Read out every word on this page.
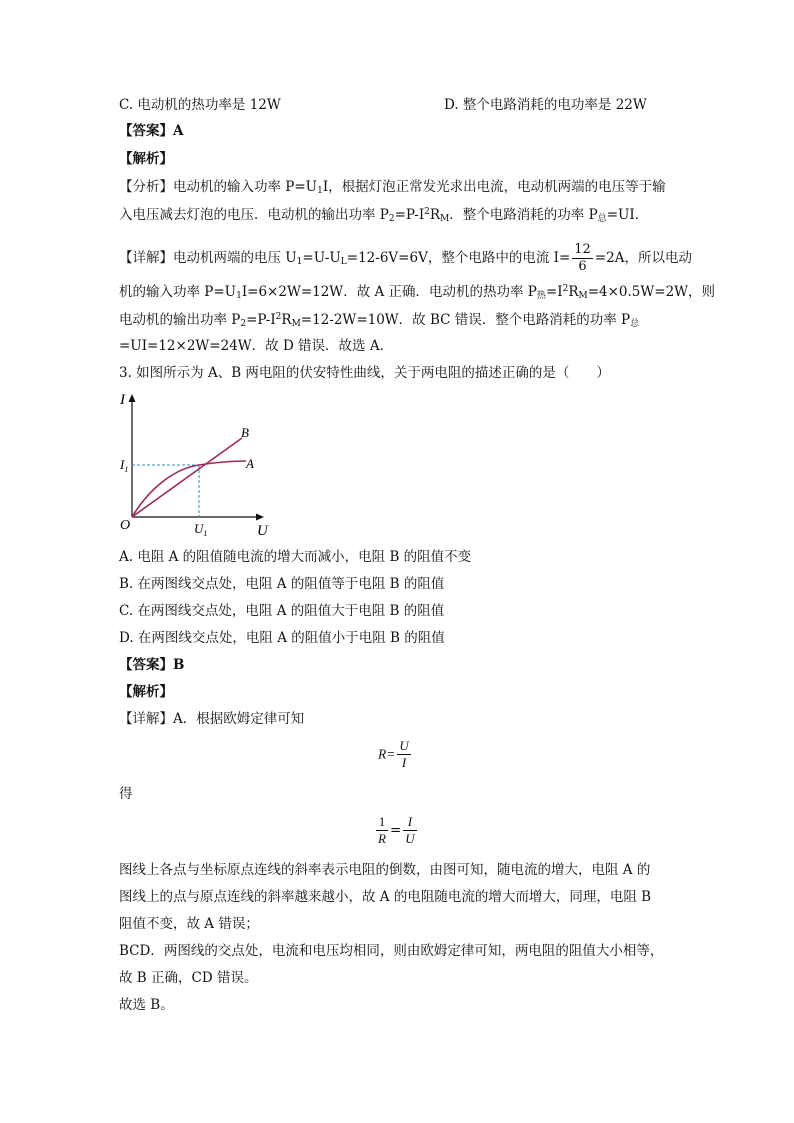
C. 电动机的热功率是 12W	D. 整个电路消耗的电功率是 22W
【答案】A
【解析】
【分析】电动机的输入功率 $P=U_1I$，根据灯泡正常发光求出电流，电动机两端的电压等于输
入电压减去灯泡的电压．电动机的输出功率 $P_2=P-I^2R_M$．整个电路消耗的功率 $P_总=UI$．
【详解】电动机两端的电压 $U_1=U-U_L=12-6V=6V$，整个电路中的电流 $I= \frac{12}{6} =2A$，所以电动
机的输入功率 $P=U_1I=6\times 2W=12W$．故 A 正确．电动机的热功率 $P_热=I^2R_M=4\times 0.5W=2W$，则
电动机的输出功率 $P_2=P-I^2R_M=12-2W=10W$．故 BC 错误．整个电路消耗的功率 $P_总$
=UI=12×2W=24W．故 D 错误．故选 A．
3. 如图所示为 A、B 两电阻的伏安特性曲线，关于两电阻的描述正确的是（　　）
I
U
O
$I_1$
$U_1$
B
A
A. 电阻 A 的阻值随电流的增大而减小，电阻 B 的阻值不变
B. 在两图线交点处，电阻 A 的阻值等于电阻 B 的阻值
C. 在两图线交点处，电阻 A 的阻值大于电阻 B 的阻值
D. 在两图线交点处，电阻 A 的阻值小于电阻 B 的阻值
【答案】B
【解析】
【详解】A．根据欧姆定律可知
$R= \frac{U}{I}$
得
$\frac{1}{R} = \frac{I}{U}$
图线上各点与坐标原点连线的斜率表示电阻的倒数，由图可知，随电流的增大，电阻 A 的
图线上的点与原点连线的斜率越来越小，故 A 的电阻随电流的增大而增大，同理，电阻 B
阻值不变，故 A 错误；
BCD．两图线的交点处，电流和电压均相同，则由欧姆定律可知，两电阻的阻值大小相等，
故 B 正确，CD 错误。
故选 B。
